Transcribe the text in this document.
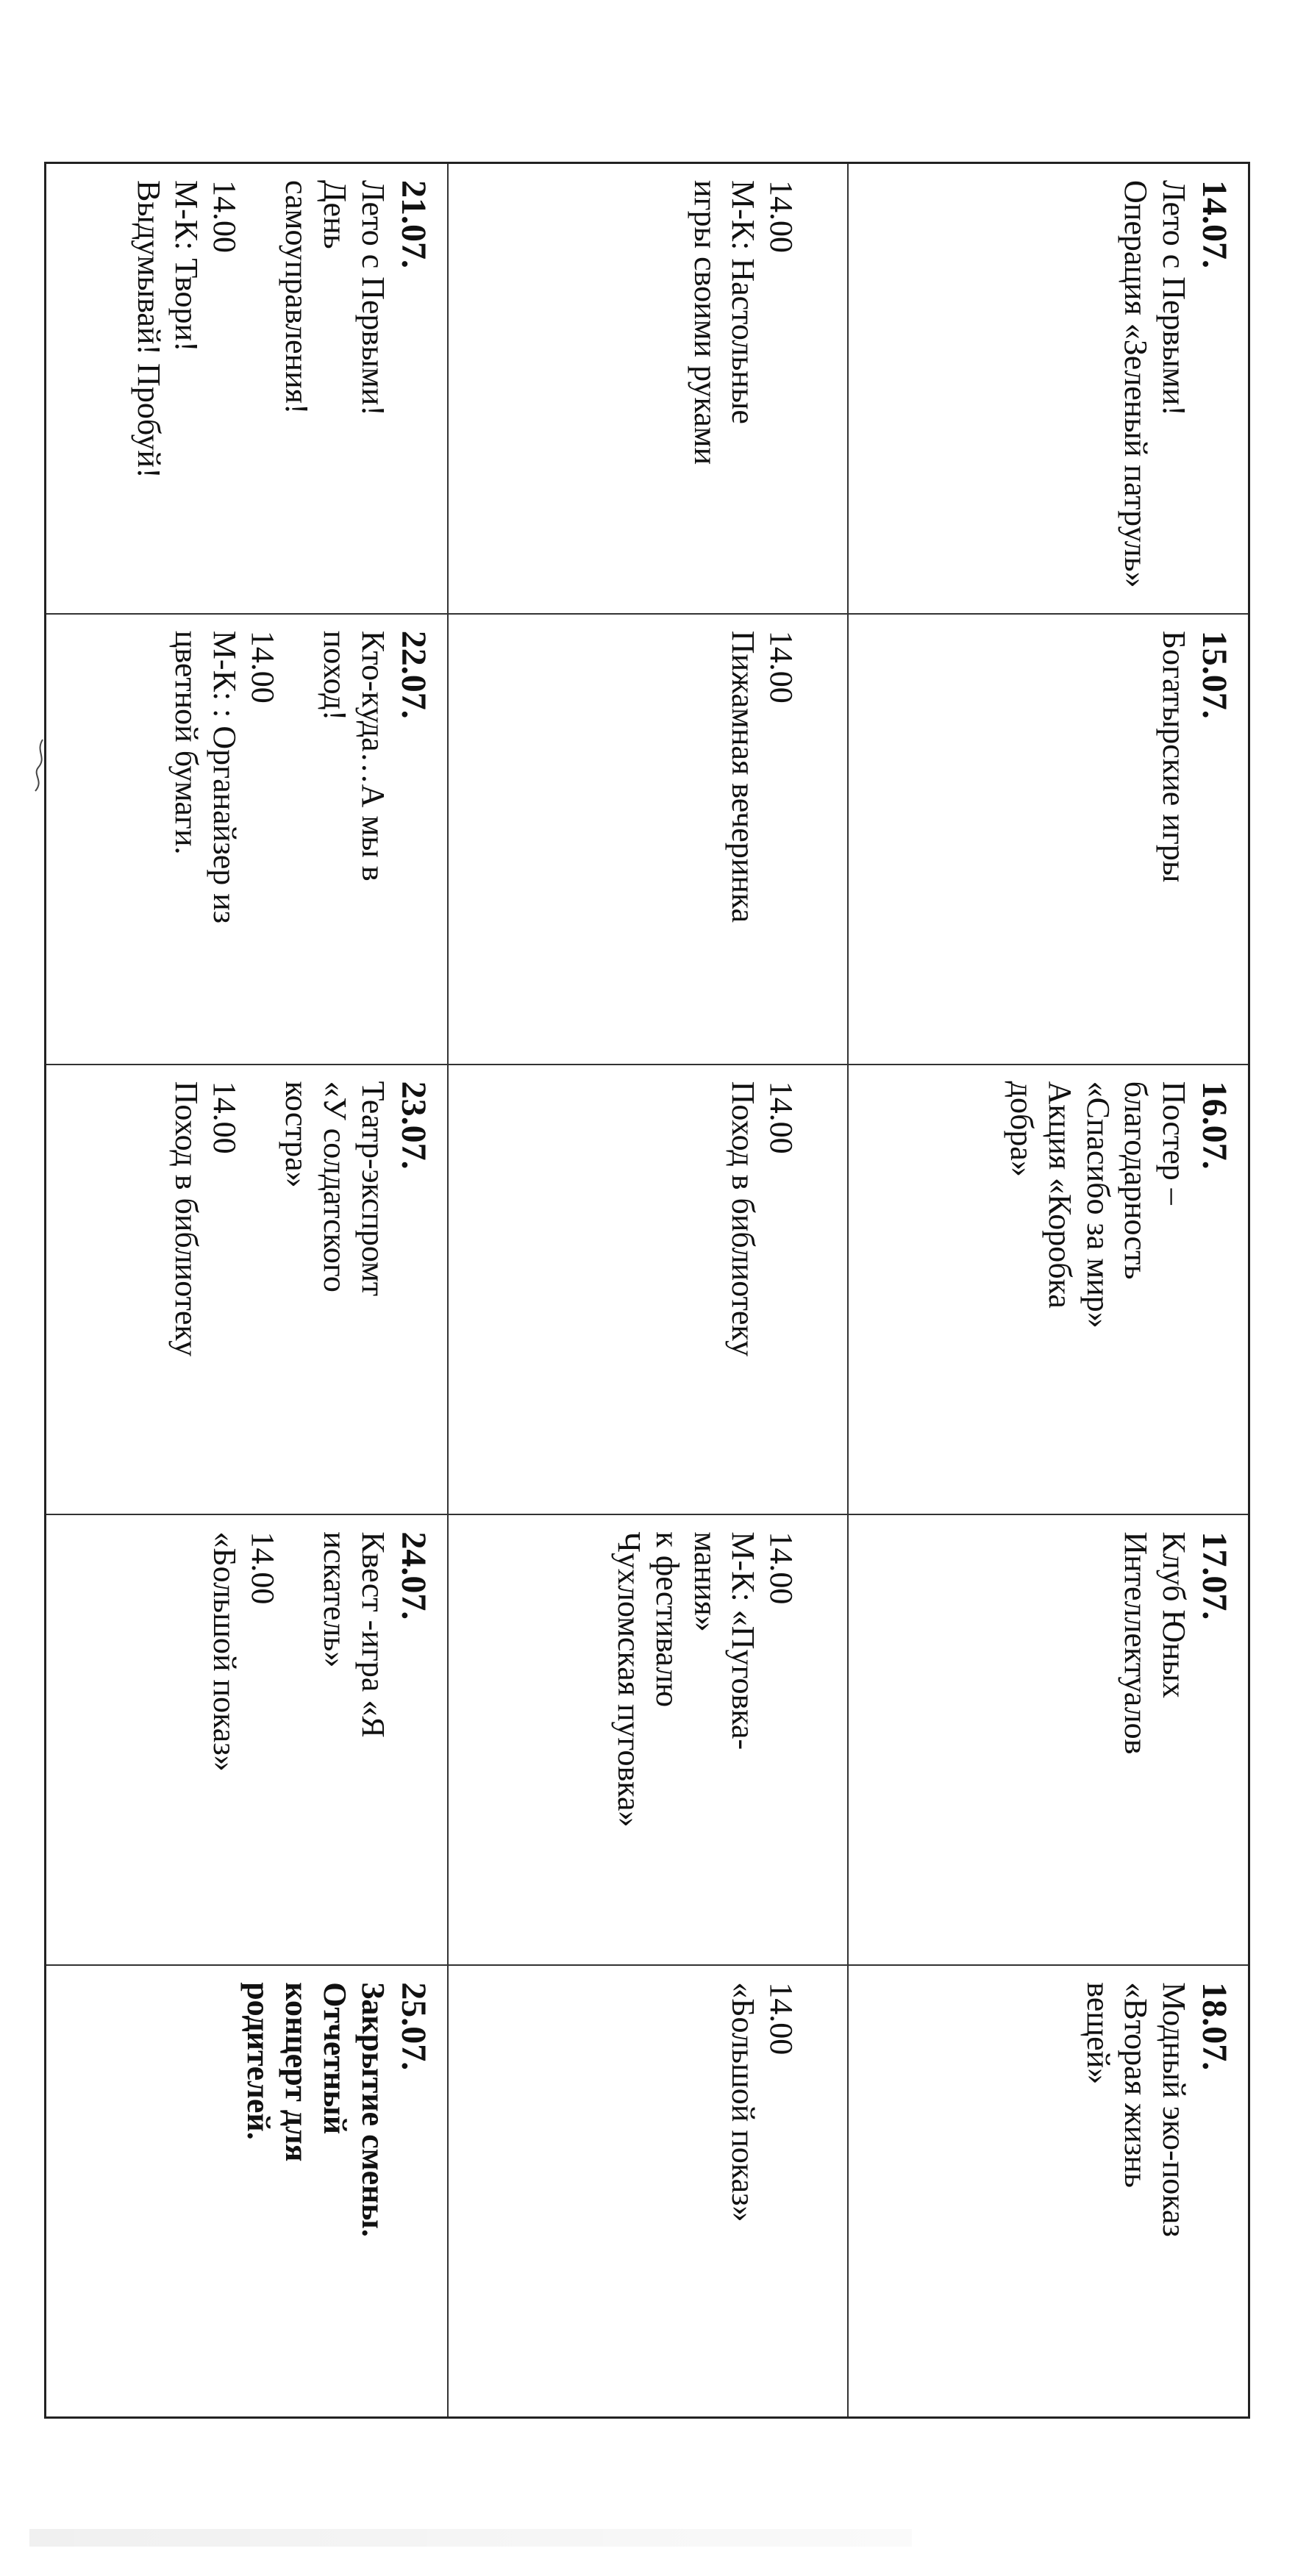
14.07.
Лето с Первыми!
Операция «Зеленый патруль»
15.07.
Богатырские игры
16.07.
Постер –
благодарность
«Спасибо за мир»
Акция «Коробка
добра»
17.07.
Клуб Юных
Интеллектуалов
18.07.
Модный эко-показ
«Вторая жизнь
вещей»
14.00
М-К: Настольные
игры своими руками
14.00
Пижамная вечеринка
14.00
Поход в библиотеку
14.00
М-К: «Пуговка-
мания»
к фестивалю
Чухломская пуговка»
14.00
«Большой показ»
21.07.
Лето с Первыми!
День
самоуправления!
14.00
М-К: Твори!
Выдумывай! Пробуй!
22.07.
Кто-куда…А мы в
поход!
14.00
М-К: : Органайзер из
цветной бумаги.
23.07.
Театр-экспромт
«У солдатского
костра»
14.00
Поход в библиотеку
24.07.
Квест -игра «Я
искатель»
14.00
«Большой показ»
25.07.
Закрытие смены.
Отчетный
концерт для
родителей.
